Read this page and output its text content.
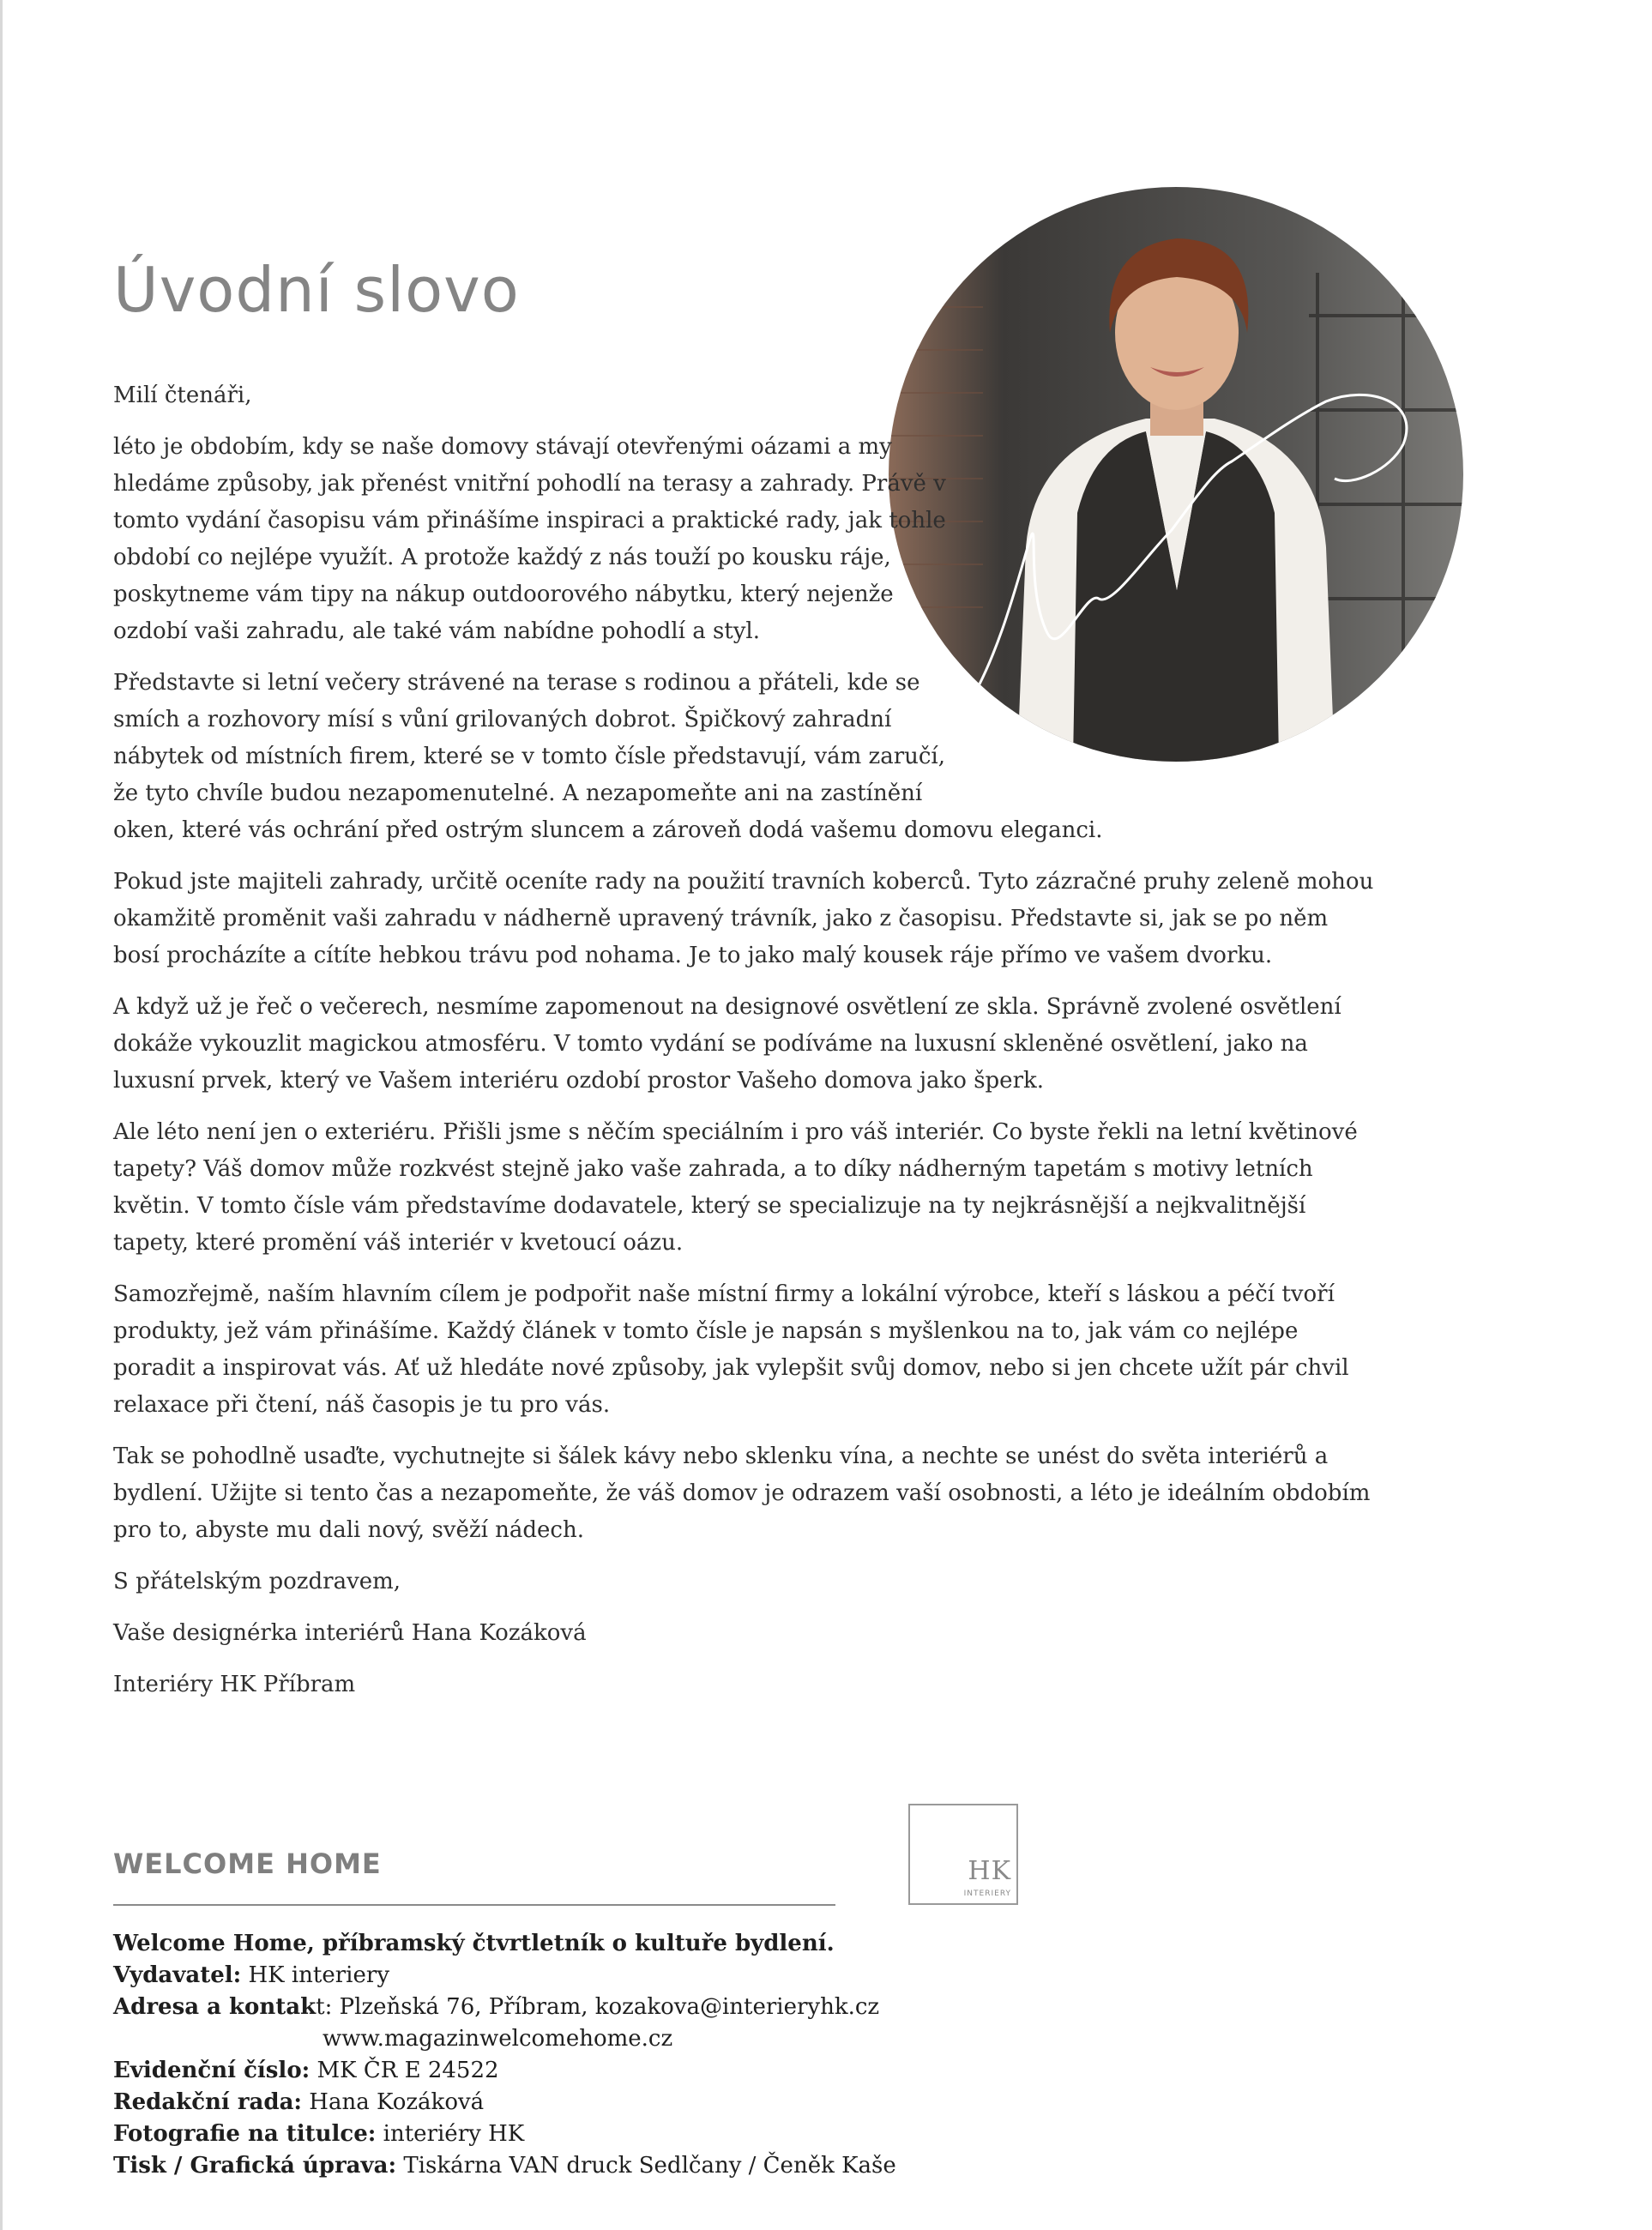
Úvodní slovo

Milí čtenáři,

léto je obdobím, kdy se naše domovy stávají otevřenými oázami a my hledáme způsoby, jak přenést vnitřní pohodlí na terasy a zahrady. Právě v tomto vydání časopisu vám přinášíme inspiraci a praktické rady, jak tohle období co nejlépe využít. A protože každý z nás touží po kousku ráje, poskytneme vám tipy na nákup outdoorového nábytku, který nejenže ozdobí vaši zahradu, ale také vám nabídne pohodlí a styl.

Představte si letní večery strávené na terase s rodinou a přáteli, kde se smích a rozhovory mísí s vůní grilovaných dobrot. Špičkový zahradní nábytek od místních firem, které se v tomto čísle představují, vám zaručí, že tyto chvíle budou nezapomenutelné. A nezapomeňte ani na zastínění oken, které vás ochrání před ostrým sluncem a zároveň dodá vašemu domovu eleganci.

Pokud jste majiteli zahrady, určitě oceníte rady na použití travních koberců. Tyto zázračné pruhy zeleně mohou okamžitě proměnit vaši zahradu v nádherně upravený trávník, jako z časopisu. Představte si, jak se po něm bosí procházíte a cítíte hebkou trávu pod nohama. Je to jako malý kousek ráje přímo ve vašem dvorku.

A když už je řeč o večerech, nesmíme zapomenout na designové osvětlení ze skla. Správně zvolené osvětlení dokáže vykouzlit magickou atmosféru. V tomto vydání se podíváme na luxusní skleněné osvětlení, jako na luxusní prvek, který ve Vašem interiéru ozdobí prostor Vašeho domova jako šperk.

Ale léto není jen o exteriéru. Přišli jsme s něčím speciálním i pro váš interiér. Co byste řekli na letní květinové tapety? Váš domov může rozkvést stejně jako vaše zahrada, a to díky nádherným tapetám s motivy letních květin. V tomto čísle vám představíme dodavatele, který se specializuje na ty nejkrásnější a nejkvalitnější tapety, které promění váš interiér v kvetoucí oázu.

Samozřejmě, naším hlavním cílem je podpořit naše místní firmy a lokální výrobce, kteří s láskou a péčí tvoří produkty, jež vám přinášíme. Každý článek v tomto čísle je napsán s myšlenkou na to, jak vám co nejlépe poradit a inspirovat vás. Ať už hledáte nové způsoby, jak vylepšit svůj domov, nebo si jen chcete užít pár chvil relaxace při čtení, náš časopis je tu pro vás.

Tak se pohodlně usaďte, vychutnejte si šálek kávy nebo sklenku vína, a nechte se unést do světa interiérů a bydlení. Užijte si tento čas a nezapomeňte, že váš domov je odrazem vaší osobnosti, a léto je ideálním obdobím pro to, abyste mu dali nový, svěží nádech.

S přátelským pozdravem,

Vaše designérka interiérů Hana Kozáková

Interiéry HK Příbram

WELCOME HOME	HK
INTERIERY
Welcome Home, příbramský čtvrtletník o kultuře bydlení.
Vydavatel: HK interiery
Adresa a kontakt: Plzeňská 76, Příbram, kozakova@interieryhk.cz
www.magazinwelcomehome.cz
Evidenční číslo: MK ČR E 24522
Redakční rada: Hana Kozáková
Fotografie na titulce: interiéry HK
Tisk / Grafická úprava: Tiskárna VAN druck Sedlčany / Čeněk Kaše
